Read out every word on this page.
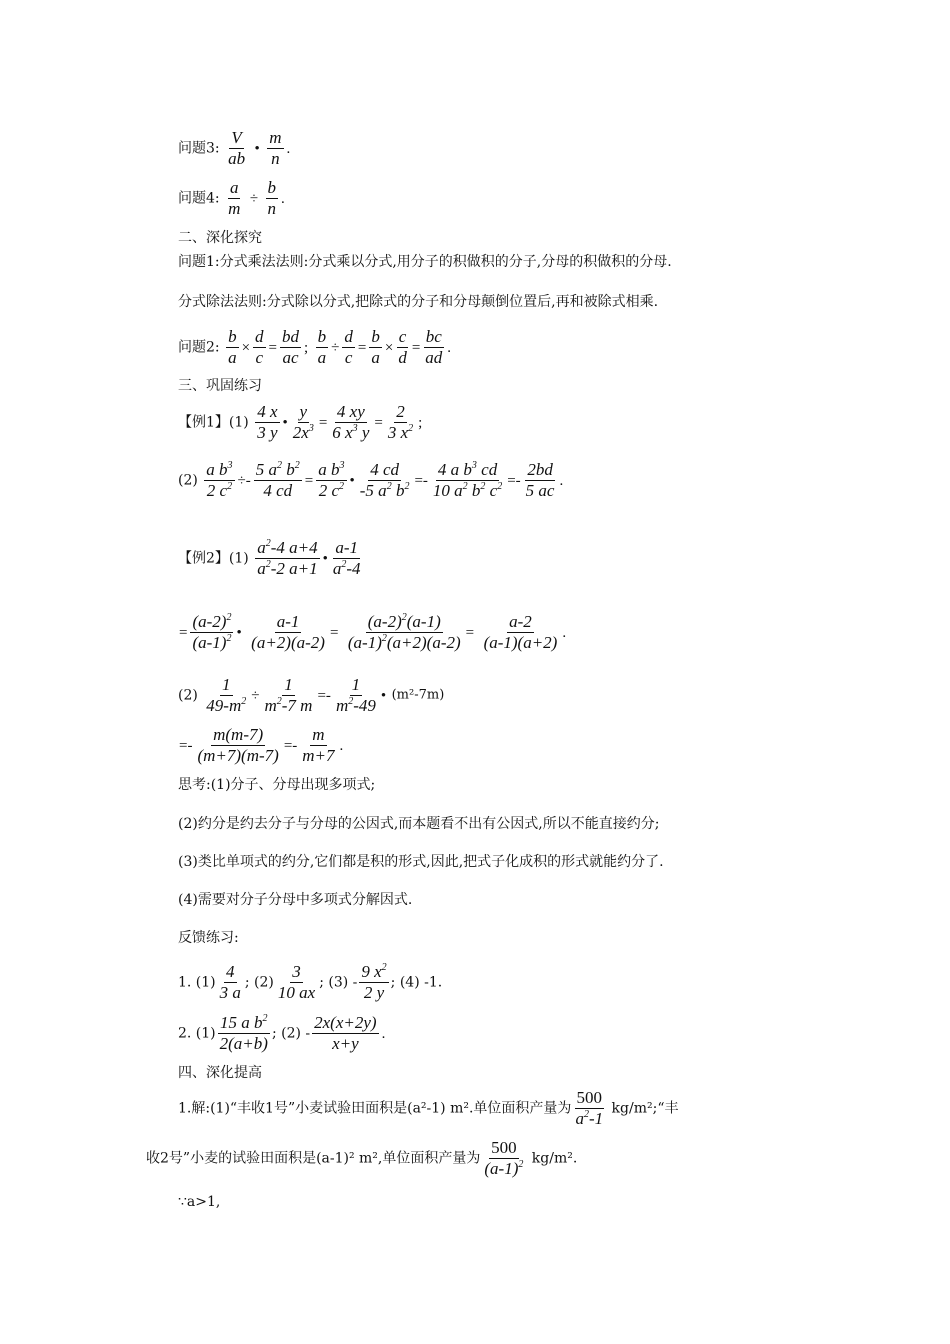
问题3: $\frac{V}{ab}$ • $\frac{m}{n}$ .
问题4: $\frac{a}{m} \div \frac{b}{n}$ .
二、深化探究
问题1:分式乘法法则:分式乘以分式,用分子的积做积的分子,分母的积做积的分母.
分式除法法则:分式除以分式,把除式的分子和分母颠倒位置后,再和被除式相乘.
问题2: $\frac{b}{a} \times \frac{d}{c} = \frac{bd}{ac}$ ; $\frac{b}{a} \div \frac{d}{c} = \frac{b}{a} \times \frac{c}{d} = \frac{bc}{ad}$ .
三、巩固练习
【例1】$(1) \frac{4 x}{3 y}$ • $\frac{y}{2x^3} = \frac{4 xy}{6 x^3 y} = \frac{2}{3 x^2}$ ;
$(2) \frac{a b^3}{2 c^2} \div- \frac{5 a^2 b^2}{4 cd} = \frac{a b^3}{2 c^2}$ • $\frac{4 cd}{-5 a^2 b^2} =- \frac{4 a b^3 cd}{10 a^2 b^2 c^2} =- \frac{2bd}{5 ac}$ .
【例2】$(1) \frac{a^2-4 a+4}{a^2-2 a+1}$ • $\frac{a-1}{a^2-4}$
= $\frac{(a-2)^2}{(a-1)^2}$ • $\frac{a-1}{(a+2)(a-2)} = \frac{(a-2)^2(a-1)}{(a-1)^2(a+2)(a-2)} = \frac{a-2}{(a-1)(a+2)}$ .
$(2) \frac{1}{49-m^2} \div \frac{1}{m^2-7 m} =- \frac{1}{m^2-49}$ • (m²-7m)
=- $\frac{m(m-7)}{(m+7)(m-7)} =- \frac{m}{m+7}$ .
思考:(1)分子、分母出现多项式;
(2)约分是约去分子与分母的公因式,而本题看不出有公因式,所以不能直接约分;
(3)类比单项式的约分,它们都是积的形式,因此,把式子化成积的形式就能约分了.
(4)需要对分子分母中多项式分解因式.
反馈练习:
1. $(1) \frac{4}{3 a}$ ; $(2) \frac{3}{10 ax}$ ; $(3) - \frac{9 x^2}{2 y}$ ; (4) -1.
2. $(1) \frac{15 a b^2}{2(a+b)}$ ; $(2) - \frac{2x(x+2y)}{x+y}$ .
四、深化提高
1.解:(1)“丰收1号”小麦试验田面积是(a²-1) m².单位面积产量为 $\frac{500}{a^2-1}$ kg/m²;“丰
收2号”小麦的试验田面积是(a-1)² m²,单位面积产量为 $\frac{500}{(a-1)^2} kg/m^2$.
∵a>1,
